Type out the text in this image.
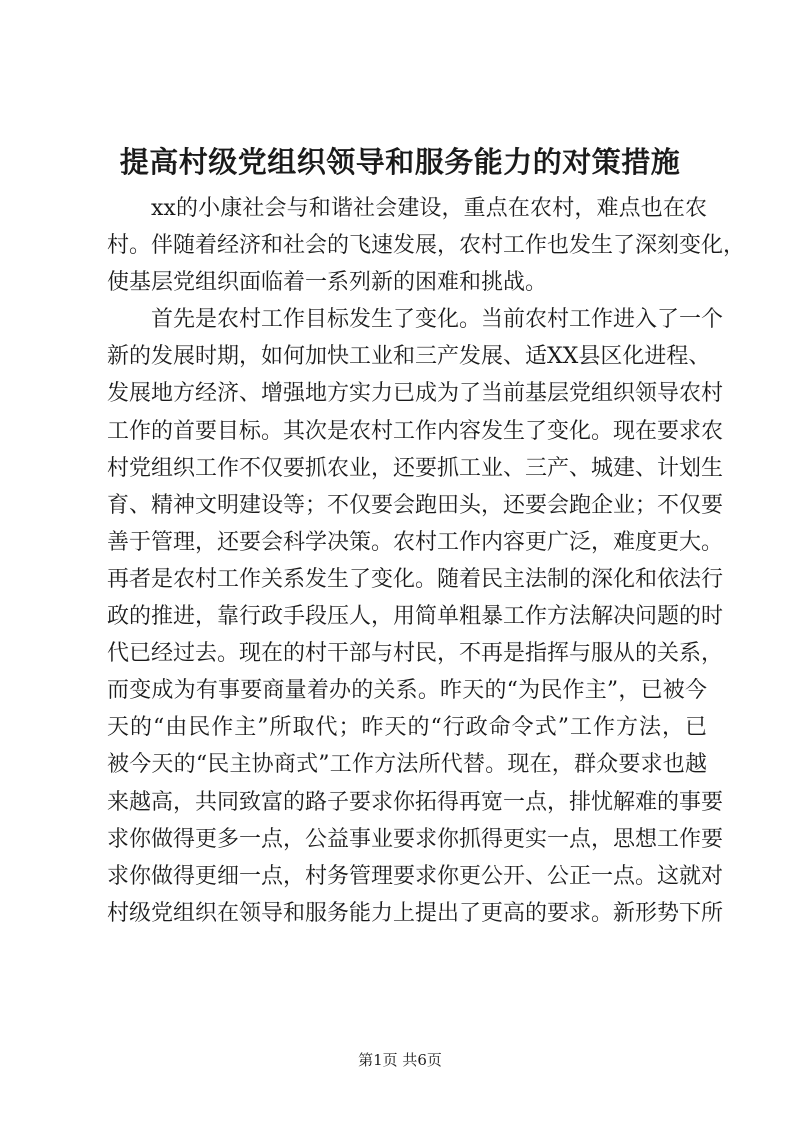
提高村级党组织领导和服务能力的对策措施
xx的小康社会与和谐社会建设，重点在农村，难点也在农
村。伴随着经济和社会的飞速发展，农村工作也发生了深刻变化，
使基层党组织面临着一系列新的困难和挑战。
首先是农村工作目标发生了变化。当前农村工作进入了一个
新的发展时期，如何加快工业和三产发展、适XX县区化进程、
发展地方经济、增强地方实力已成为了当前基层党组织领导农村
工作的首要目标。其次是农村工作内容发生了变化。现在要求农
村党组织工作不仅要抓农业，还要抓工业、三产、城建、计划生
育、精神文明建设等；不仅要会跑田头，还要会跑企业；不仅要
善于管理，还要会科学决策。农村工作内容更广泛，难度更大。
再者是农村工作关系发生了变化。随着民主法制的深化和依法行
政的推进，靠行政手段压人，用简单粗暴工作方法解决问题的时
代已经过去。现在的村干部与村民，不再是指挥与服从的关系，
而变成为有事要商量着办的关系。昨天的“为民作主”，已被今
天的“由民作主”所取代；昨天的“行政命令式”工作方法，已
被今天的“民主协商式”工作方法所代替。现在，群众要求也越
来越高，共同致富的路子要求你拓得再宽一点，排忧解难的事要
求你做得更多一点，公益事业要求你抓得更实一点，思想工作要
求你做得更细一点，村务管理要求你更公开、公正一点。这就对
村级党组织在领导和服务能力上提出了更高的要求。新形势下所
第1页 共6页
